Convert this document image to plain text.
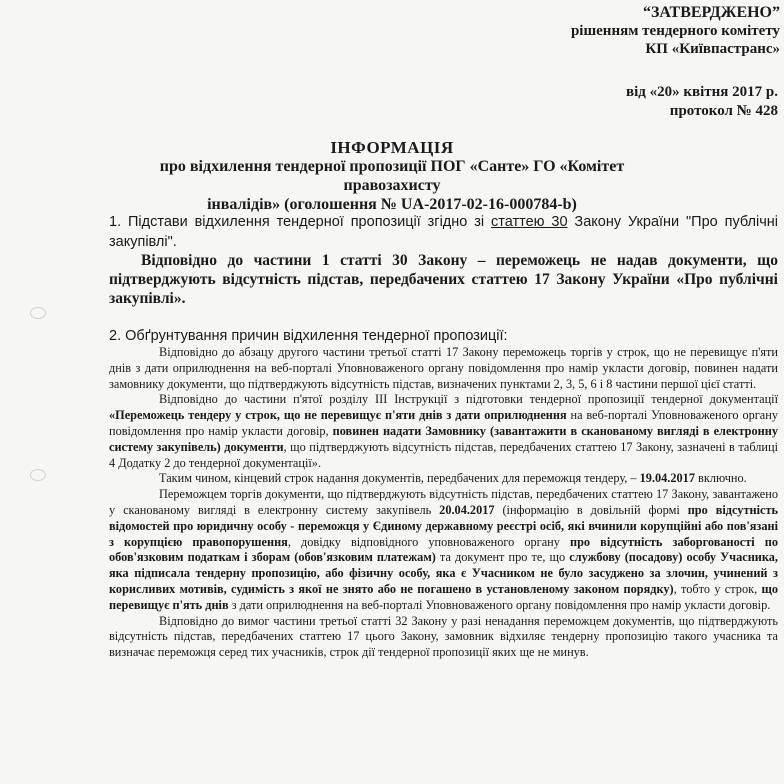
“ЗАТВЕРДЖЕНО”
рішенням тендерного комітету
КП «Київпастранс»
від «20» квітня 2017 р.
протокол № 428
ІНФОРМАЦІЯ
про відхилення тендерної пропозиції ПОГ «Санте» ГО «Комітет правозахисту
інвалідів» (оголошення № UA-2017-02-16-000784-b)
1. Підстави відхилення тендерної пропозиції згідно зі статтею 30 Закону України "Про публічні закупівлі".
Відповідно до частини 1 статті 30 Закону – переможець не надав документи, що підтверджують відсутність підстав, передбачених статтею 17 Закону України «Про публічні закупівлі».
2. Обґрунтування причин відхилення тендерної пропозиції:

Відповідно до абзацу другого частини третьої статті 17 Закону переможець торгів у строк, що не перевищує п'яти днів з дати оприлюднення на веб-порталі Уповноваженого органу повідомлення про намір укласти договір, повинен надати замовнику документи, що підтверджують відсутність підстав, визначених пунктами 2, 3, 5, 6 і 8 частини першої цієї статті.

Відповідно до частини п'ятої розділу III Інструкції з підготовки тендерної пропозиції тендерної документації «Переможець тендеру у строк, що не перевищує п'яти днів з дати оприлюднення на веб-порталі Уповноваженого органу повідомлення про намір укласти договір, повинен надати Замовнику (завантажити в сканованому вигляді в електронну систему закупівель) документи, що підтверджують відсутність підстав, передбачених статтею 17 Закону, зазначені в таблиці 4 Додатку 2 до тендерної документації».

Таким чином, кінцевий строк надання документів, передбачених для переможця тендеру, – 19.04.2017 включно.

Переможцем торгів документи, що підтверджують відсутність підстав, передбачених статтею 17 Закону, завантажено у сканованому вигляді в електронну систему закупівель 20.04.2017 (інформацію в довільній формі про відсутність відомостей про юридичну особу - переможця у Єдиному державному реєстрі осіб, які вчинили корупційні або пов'язані з корупцією правопорушення, довідку відповідного уповноваженого органу про відсутність заборгованості по обов'язковим податкам і зборам (обов'язковим платежам) та документ про те, що службову (посадову) особу Учасника, яка підписала тендерну пропозицію, або фізичну особу, яка є Учасником не було засуджено за злочин, учинений з корисливих мотивів, судимість з якої не знято або не погашено в установленому законом порядку), тобто у строк, що перевищує п'ять днів з дати оприлюднення на веб-порталі Уповноваженого органу повідомлення про намір укласти договір.

Відповідно до вимог частини третьої статті 32 Закону у разі ненадання переможцем документів, що підтверджують відсутність підстав, передбачених статтею 17 цього Закону, замовник відхиляє тендерну пропозицію такого учасника та визначає переможця серед тих учасників, строк дії тендерної пропозиції яких ще не минув.
